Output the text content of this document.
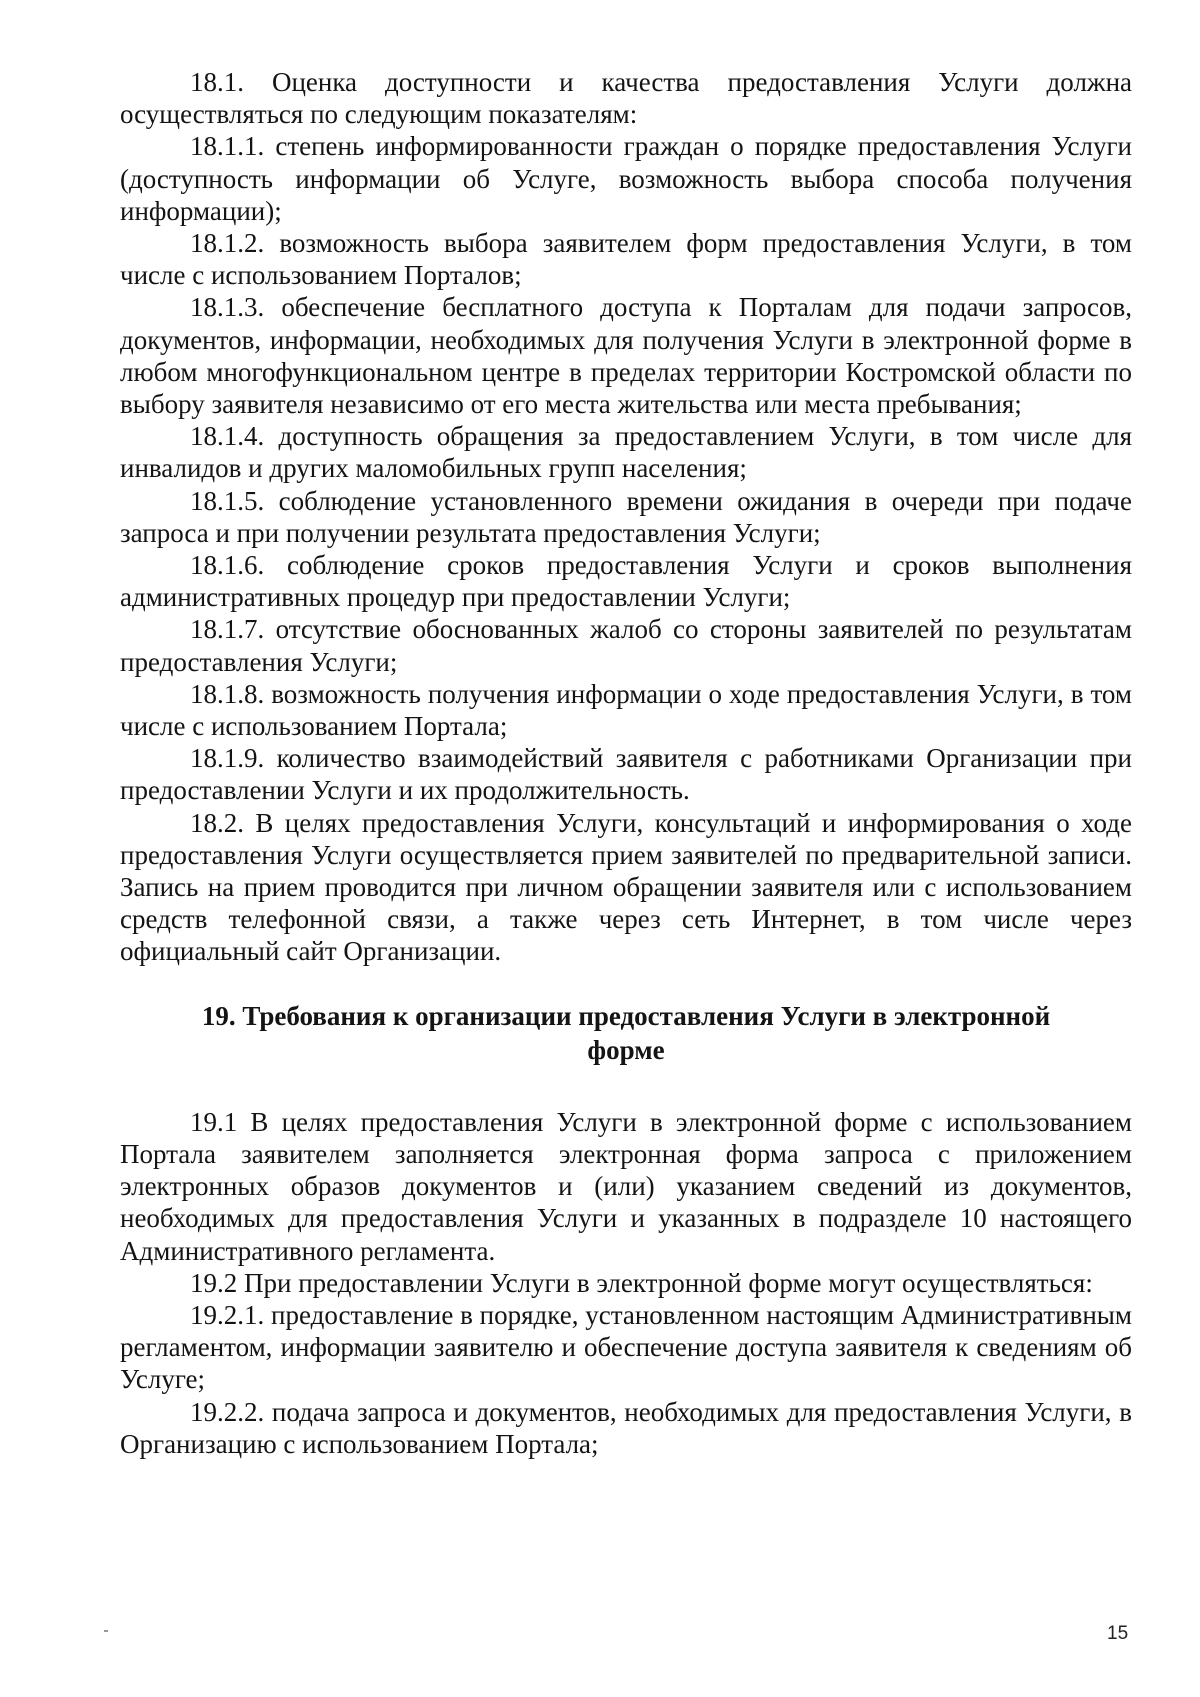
18.1. Оценка доступности и качества предоставления Услуги должна осуществляться по следующим показателям:

18.1.1. степень информированности граждан о порядке предоставления Услуги (доступность информации об Услуге, возможность выбора способа получения информации);

18.1.2. возможность выбора заявителем форм предоставления Услуги, в том числе с использованием Порталов;

18.1.3. обеспечение бесплатного доступа к Порталам для подачи запросов, документов, информации, необходимых для получения Услуги в электронной форме в любом многофункциональном центре в пределах территории Костромской области по выбору заявителя независимо от его места жительства или места пребывания;

18.1.4. доступность обращения за предоставлением Услуги, в том числе для инвалидов и других маломобильных групп населения;

18.1.5. соблюдение установленного времени ожидания в очереди при подаче запроса и при получении результата предоставления Услуги;

18.1.6. соблюдение сроков предоставления Услуги и сроков выполнения административных процедур при предоставлении Услуги;

18.1.7. отсутствие обоснованных жалоб со стороны заявителей по результатам предоставления Услуги;

18.1.8. возможность получения информации о ходе предоставления Услуги, в том числе с использованием Портала;

18.1.9. количество взаимодействий заявителя с работниками Организации при предоставлении Услуги и их продолжительность.

18.2. В целях предоставления Услуги, консультаций и информирования о ходе предоставления Услуги осуществляется прием заявителей по предварительной записи. Запись на прием проводится при личном обращении заявителя или с использованием средств телефонной связи, а также через сеть Интернет, в том числе через официальный сайт Организации.

19. Требования к организации предоставления Услуги в электронной форме

19.1 В целях предоставления Услуги в электронной форме с использованием Портала заявителем заполняется электронная форма запроса с приложением электронных образов документов и (или) указанием сведений из документов, необходимых для предоставления Услуги и указанных в подразделе 10 настоящего Административного регламента.

19.2 При предоставлении Услуги в электронной форме могут осуществляться:

19.2.1. предоставление в порядке, установленном настоящим Административным регламентом, информации заявителю и обеспечение доступа заявителя к сведениям об Услуге;

19.2.2. подача запроса и документов, необходимых для предоставления Услуги, в Организацию с использованием Портала;

15
